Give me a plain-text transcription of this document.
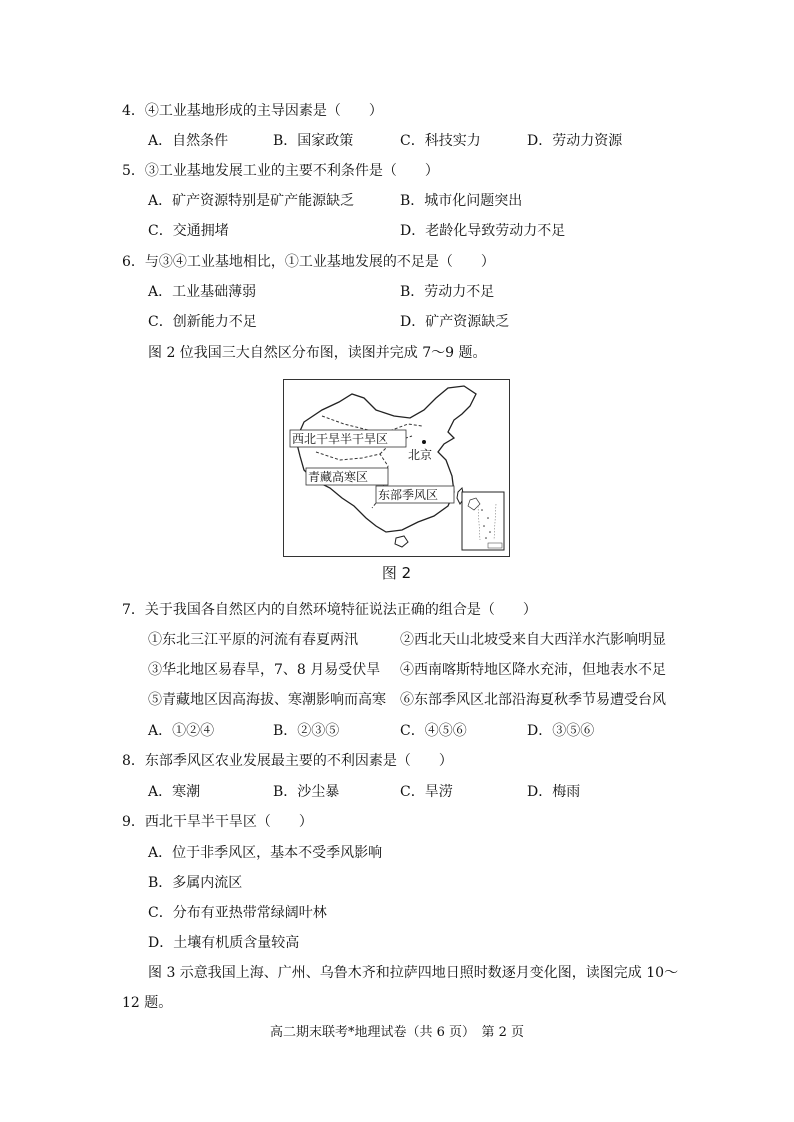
4．④工业基地形成的主导因素是（　　）
A．自然条件	B．国家政策	C．科技实力	D．劳动力资源
5．③工业基地发展工业的主要不利条件是（　　）
A．矿产资源特别是矿产能源缺乏	B．城市化问题突出
C．交通拥堵	D．老龄化导致劳动力不足
6．与③④工业基地相比，①工业基地发展的不足是（　　）
A．工业基础薄弱	B．劳动力不足
C．创新能力不足	D．矿产资源缺乏
图 2 位我国三大自然区分布图，读图并完成 7～9 题。
西北干旱半干旱区
青藏高寒区
东部季风区
北京
图 2
7．关于我国各自然区内的自然环境特征说法正确的组合是（　　）
①东北三江平原的河流有春夏两汛	②西北天山北坡受来自大西洋水汽影响明显
③华北地区易春旱，7、8 月易受伏旱 ④西南喀斯特地区降水充沛，但地表水不足
⑤青藏地区因高海拔、寒潮影响而高寒 ⑥东部季风区北部沿海夏秋季节易遭受台风
A．①②④	B．②③⑤	C．④⑤⑥	D．③⑤⑥
8．东部季风区农业发展最主要的不利因素是（　　）
A．寒潮	B．沙尘暴	C．旱涝	D．梅雨
9．西北干旱半干旱区（　　）
A．位于非季风区，基本不受季风影响
B．多属内流区
C．分布有亚热带常绿阔叶林
D．土壤有机质含量较高
图 3 示意我国上海、广州、乌鲁木齐和拉萨四地日照时数逐月变化图，读图完成 10～
12 题。
高二期末联考*地理试卷（共 6 页）　第 2 页
